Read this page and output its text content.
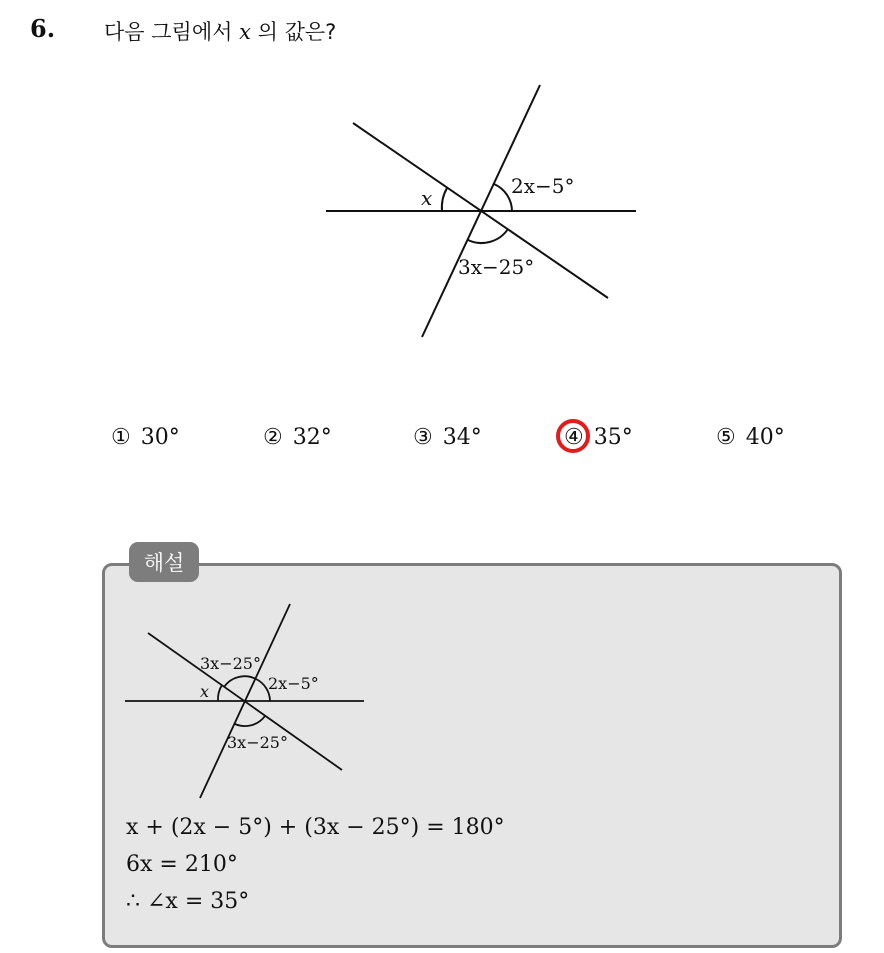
6. 다음 그림에서 x 의 값은?
x	2x−5°
3x−25°
① 30°	② 32°	③ 34°	④ 35°	⑤ 40°
해설
3x−25°
x	2x−5°
3x−25°
x + (2x − 5°) + (3x − 25°) = 180°
6x = 210°
∴ ∠x = 35°
